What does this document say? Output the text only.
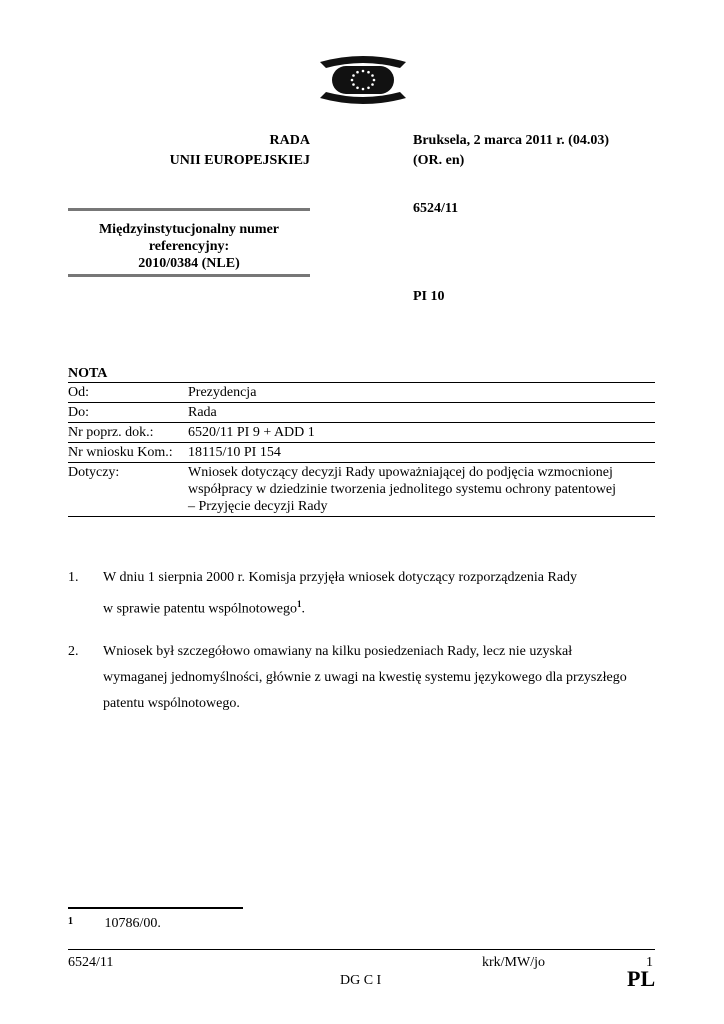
RADA
UNII EUROPEJSKIEJ
Bruksela, 2 marca 2011 r. (04.03)
(OR. en)
Międzyinstytucjonalny numer
referencyjny:
2010/0384 (NLE)
6524/11
PI 10
NOTA
Od:	Prezydencja
Do:	Rada
Nr poprz. dok.:	6520/11 PI 9 + ADD 1
Nr wniosku Kom.:	18115/10 PI 154
Dotyczy:	Wniosek dotyczący decyzji Rady upoważniającej do podjęcia wzmocnionej
współpracy w dziedzinie tworzenia jednolitego systemu ochrony patentowej
– Przyjęcie decyzji Rady
1. W dniu 1 sierpnia 2000 r. Komisja przyjęła wniosek dotyczący rozporządzenia Rady
w sprawie patentu wspólnotowego$^1$.
2. Wniosek był szczegółowo omawiany na kilku posiedzeniach Rady, lecz nie uzyskał
wymaganej jednomyślności, głównie z uwagi na kwestię systemu językowego dla przyszłego
patentu wspólnotowego.
$^1$ 10786/00.
6524/11	krk/MW/jo	1
DG C I	PL
